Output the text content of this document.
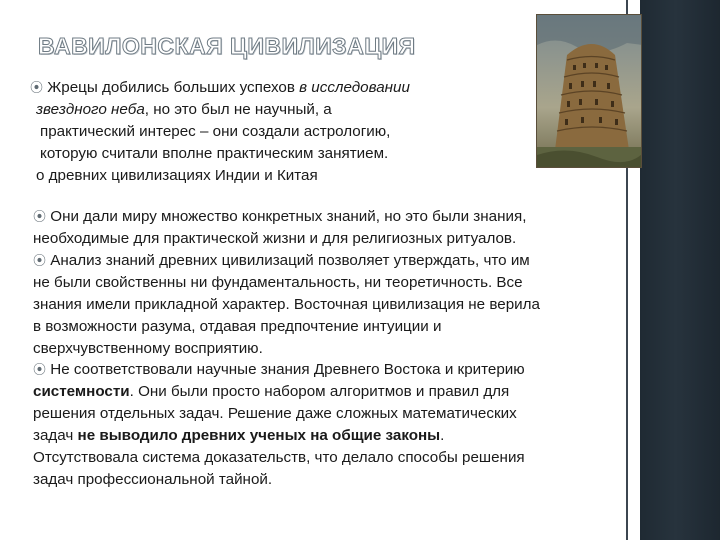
ВАВИЛОНСКАЯ ЦИВИЛИЗАЦИЯ
⦿ Жрецы добились больших успехов в исследовании
звездного неба, но это был не научный, а
практический интерес – они создали астрологию,
которую считали вполне практическим занятием.
о древних цивилизациях Индии и Китая
⦿ Они дали миру множество конкретных знаний, но это были знания,
необходимые для практической жизни и для религиозных ритуалов.
⦿ Анализ знаний древних цивилизаций позволяет утверждать, что им
не были свойственны ни фундаментальность, ни теоретичность. Все
знания имели прикладной характер. Восточная цивилизация не верила
в возможности разума, отдавая предпочтение интуиции и
сверхчувственному восприятию.
⦿ Не соответствовали научные знания Древнего Востока и критерию
системности. Они были просто набором алгоритмов и правил для
решения отдельных задач. Решение даже сложных математических
задач не выводило древних ученых на общие законы.
Отсутствовала система доказательств, что делало способы решения
задач профессиональной тайной.
